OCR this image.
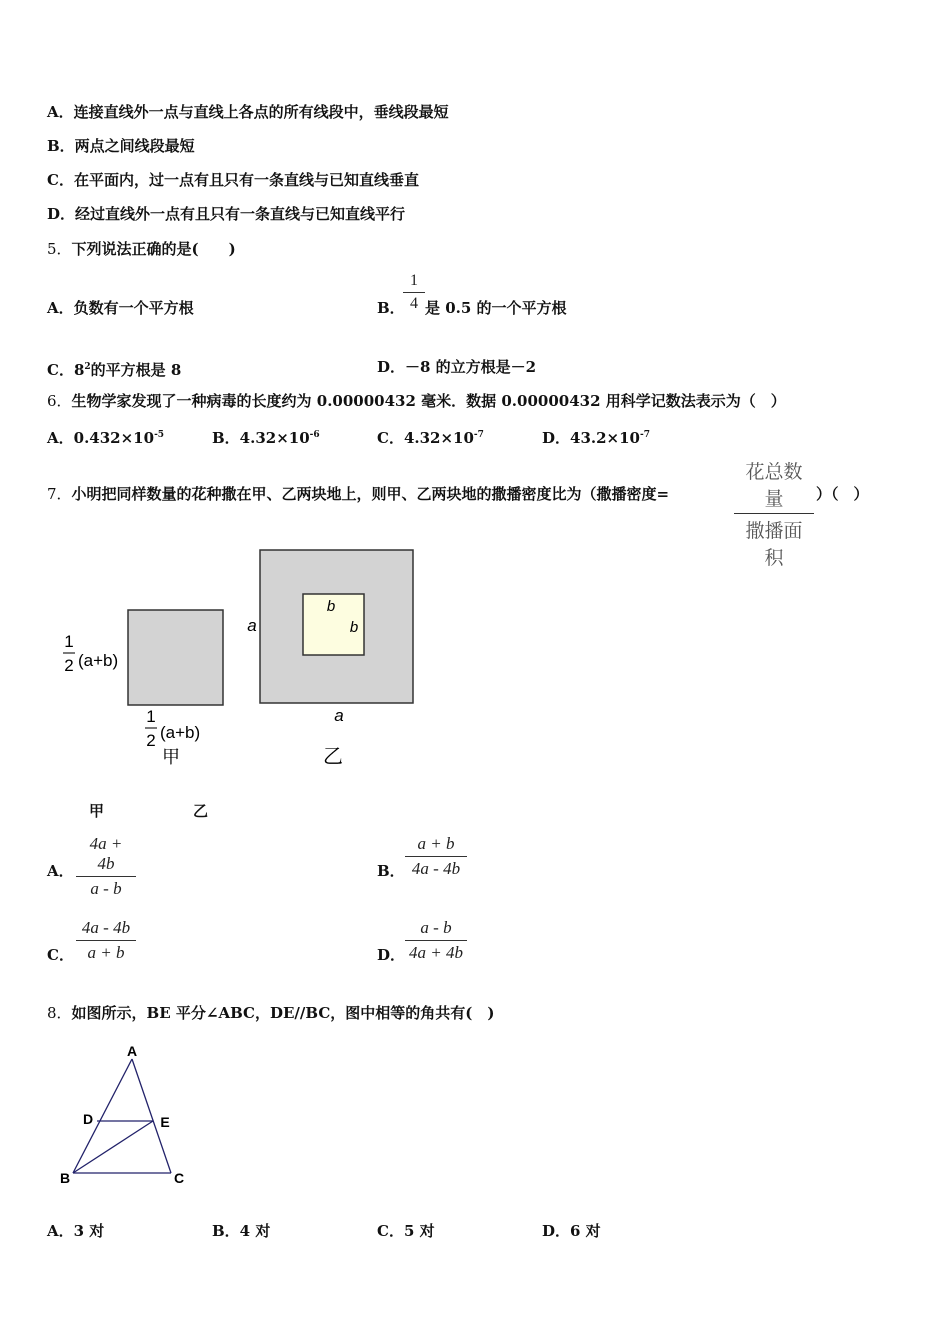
A．连接直线外一点与直线上各点的所有线段中，垂线段最短
B．两点之间线段最短
C．在平面内，过一点有且只有一条直线与已知直线垂直
D．经过直线外一点有且只有一条直线与已知直线平行
5．下列说法正确的是(　　)
A．负数有一个平方根	B．
1
4 是 0.5 的一个平方根
C．$8^2$的平方根是 8	D．－8 的立方根是－2
6．生物学家发现了一种病毒的长度约为 0.00000432 毫米．数据 0.00000432 用科学记数法表示为（　）
A．$0.432\times 10^{-5}$	B．$4.32\times 10^{-6}$	C．$4.32\times 10^{-7}$	D．$43.2\times 10^{-7}$
7．小明把同样数量的花种撒在甲、乙两块地上，则甲、乙两块地的撒播密度比为（撒播密度=
花总数量
撒播面积
）（　）
1
2 (a+b)
1
2 (a+b)
甲
a
a
b
b
乙
甲	乙
A．
4a + 4b
a - b
B．
a + b
4a - 4b
C．
4a - 4b
a + b	D．
a - b
4a + 4b
8．如图所示，BE 平分∠ABC，DE//BC，图中相等的角共有(　)
A
D	E
B	C
A．3 对	B．4 对	C．5 对	D．6 对
